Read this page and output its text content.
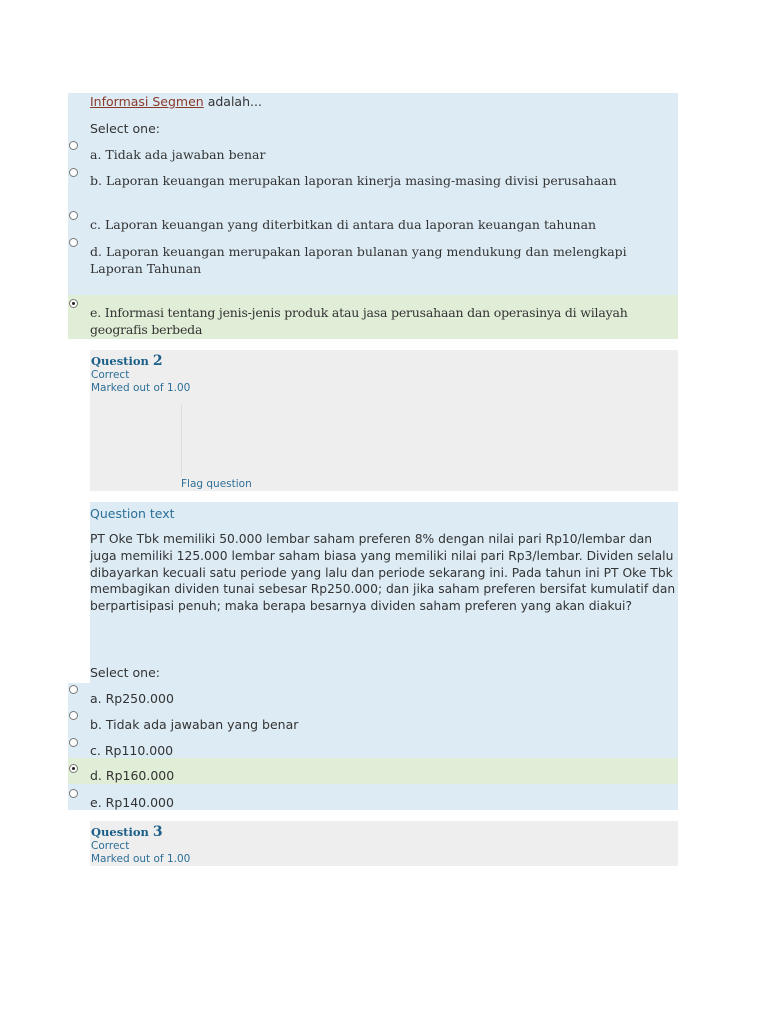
Informasi Segmen adalah...
Select one:
a. Tidak ada jawaban benar
b. Laporan keuangan merupakan laporan kinerja masing-masing divisi perusahaan
c. Laporan keuangan yang diterbitkan di antara dua laporan keuangan tahunan
d. Laporan keuangan merupakan laporan bulanan yang mendukung dan melengkapi Laporan Tahunan
e. Informasi tentang jenis-jenis produk atau jasa perusahaan dan operasinya di wilayah geografis berbeda
Question 2
Correct
Marked out of 1.00
Flag question
Question text
PT Oke Tbk memiliki 50.000 lembar saham preferen 8% dengan nilai pari Rp10/lembar dan juga memiliki 125.000 lembar saham biasa yang memiliki nilai pari Rp3/lembar. Dividen selalu dibayarkan kecuali satu periode yang lalu dan periode sekarang ini. Pada tahun ini PT Oke Tbk membagikan dividen tunai sebesar Rp250.000; dan jika saham preferen bersifat kumulatif dan berpartisipasi penuh; maka berapa besarnya dividen saham preferen yang akan diakui?
Select one:
a. Rp250.000
b. Tidak ada jawaban yang benar
c. Rp110.000
d. Rp160.000
e. Rp140.000
Question 3
Correct
Marked out of 1.00
